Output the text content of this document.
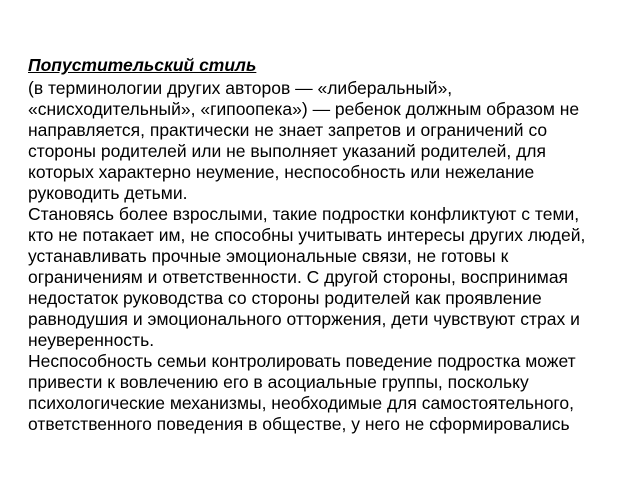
Попустительский стиль

(в терминологии других авторов — «либеральный»,
«снисходительный», «гипоопека») — ребенок должным образом не
направляется, практически не знает запретов и ограничений со
стороны родителей или не выполняет указаний родителей, для
которых характерно неумение, неспособность или нежелание
руководить детьми.

Становясь более взрослыми, такие подростки конфликтуют с теми,
кто не потакает им, не способны учитывать интересы других людей,
устанавливать прочные эмоциональные связи, не готовы к
ограничениям и ответственности. С другой стороны, воспринимая
недостаток руководства со стороны родителей как проявление
равнодушия и эмоционального отторжения, дети чувствуют страх и
неуверенность.

Неспособность семьи контролировать поведение подростка может
привести к вовлечению его в асоциальные группы, поскольку
психологические механизмы, необходимые для самостоятельного,
ответственного поведения в обществе, у него не сформировались
